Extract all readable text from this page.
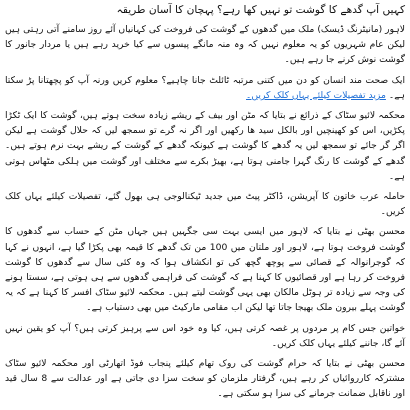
کہیں آپ گدھے کا گوشت تو نہیں کھا رہے؟ پہچان کا آسان طریقہ

لاہور (مانیٹرنگ ڈیسک) ملک میں گدھوں کے گوشت کی فروخت کی کہانیاں آئے روز سامنے آتی رہتی ہیں لیکن عام شہریوں کو یہ معلوم نہیں کہ وہ منہ مانگے پیسوں سے کیا خرید رہے ہیں یا مردار جانور کا گوشت نوش کرنے جا رہے ہیں۔

ایک صحت مند انسان کو دن میں کتنی مرتبہ ٹائلٹ جانا چاہیے؟ معلوم کریں ورنہ آپ کو پچھتانا پڑ سکتا ہے۔ مزید تفصیلات کیلئے یہاں کلک کریں۔

محکمہ لائیو سٹاک کے ذرائع نے بتایا کہ مٹن اور بیف کے ریشے زیادہ سخت ہوتے ہیں، گوشت کا ایک ٹکڑا پکڑیں، اس کو کھینچیں اور بالکل سید ھا رکھیں اور اگر نہ گرے تو سمجھ لیں کہ حلال گوشت ہے لیکن اگر گر جائے تو سمجھ لیں یہ گدھے کا گوشت ہے کیونکہ گدھے کے گوشت کے ریشے بہت نرم ہوتے ہیں۔ گدھے کے گوشت کا رنگ گہرا جامنی ہوتا ہے، بھیڑ بکرے سے مختلف اور گوشت میں ہلکی مٹھاس ہوتی ہے۔

حاملہ عرب خاتون کا آپریشن، ڈاکٹر پیٹ میں جدید ٹیکنالوجی ہی بھول گئے، تفصیلات کیلئے یہاں کلک کریں۔

محسن بھٹی نے بتایا کہ لاہور میں ایسی بہت سی جگہیں ہیں جہاں مٹن کے حساب سے گدھوں کا گوشت فروخت ہوتا ہے، لاہور اور ملتان میں 100 من تک گدھے کا قیمہ بھی پکڑا گیا ہے، انہوں نے کہا کہ گوجرانوالہ کے قصائی سے پوچھ گچھ کی تو انکشاف ہوا کہ وہ کئی سال سے گدھوں کا گوشت فروخت کر رہا ہے اور قصائیوں کا کہنا ہے کہ گوشت کی فراہمی گدھوں سے ہی ہوتی ہے، سستا ہونے کی وجہ سے زیادہ تر ہوٹل مالکان بھی یہی گوشت لیتے ہیں۔ محکمہ لائیو سٹاک افسر کا کہنا ہے کہ یہ گوشت پہلے بیرون ملک بھیجا جاتا تھا لیکن اب مقامی مارکیٹ میں بھی دستیاب ہے۔

خواتین جس کام پر مردوں پر غصہ کرتی ہیں، کیا وہ خود اس سے پرہیز کرتی ہیں؟ آپ کو یقین نہیں آئے گا، جاننے کیلئے یہاں کلک کریں۔

محسن بھٹی نے بتایا کہ حرام گوشت کی روک تھام کیلئے پنجاب فوڈ اتھارٹی اور محکمہ لائیو سٹاک مشترکہ کارروائیاں کر رہے ہیں، گرفتار ملزمان کو سخت سزا دی جاتی ہے اور عدالت سے 8 سال قید اور ناقابل ضمانت جرمانے کی سزا ہو سکتی ہے۔
